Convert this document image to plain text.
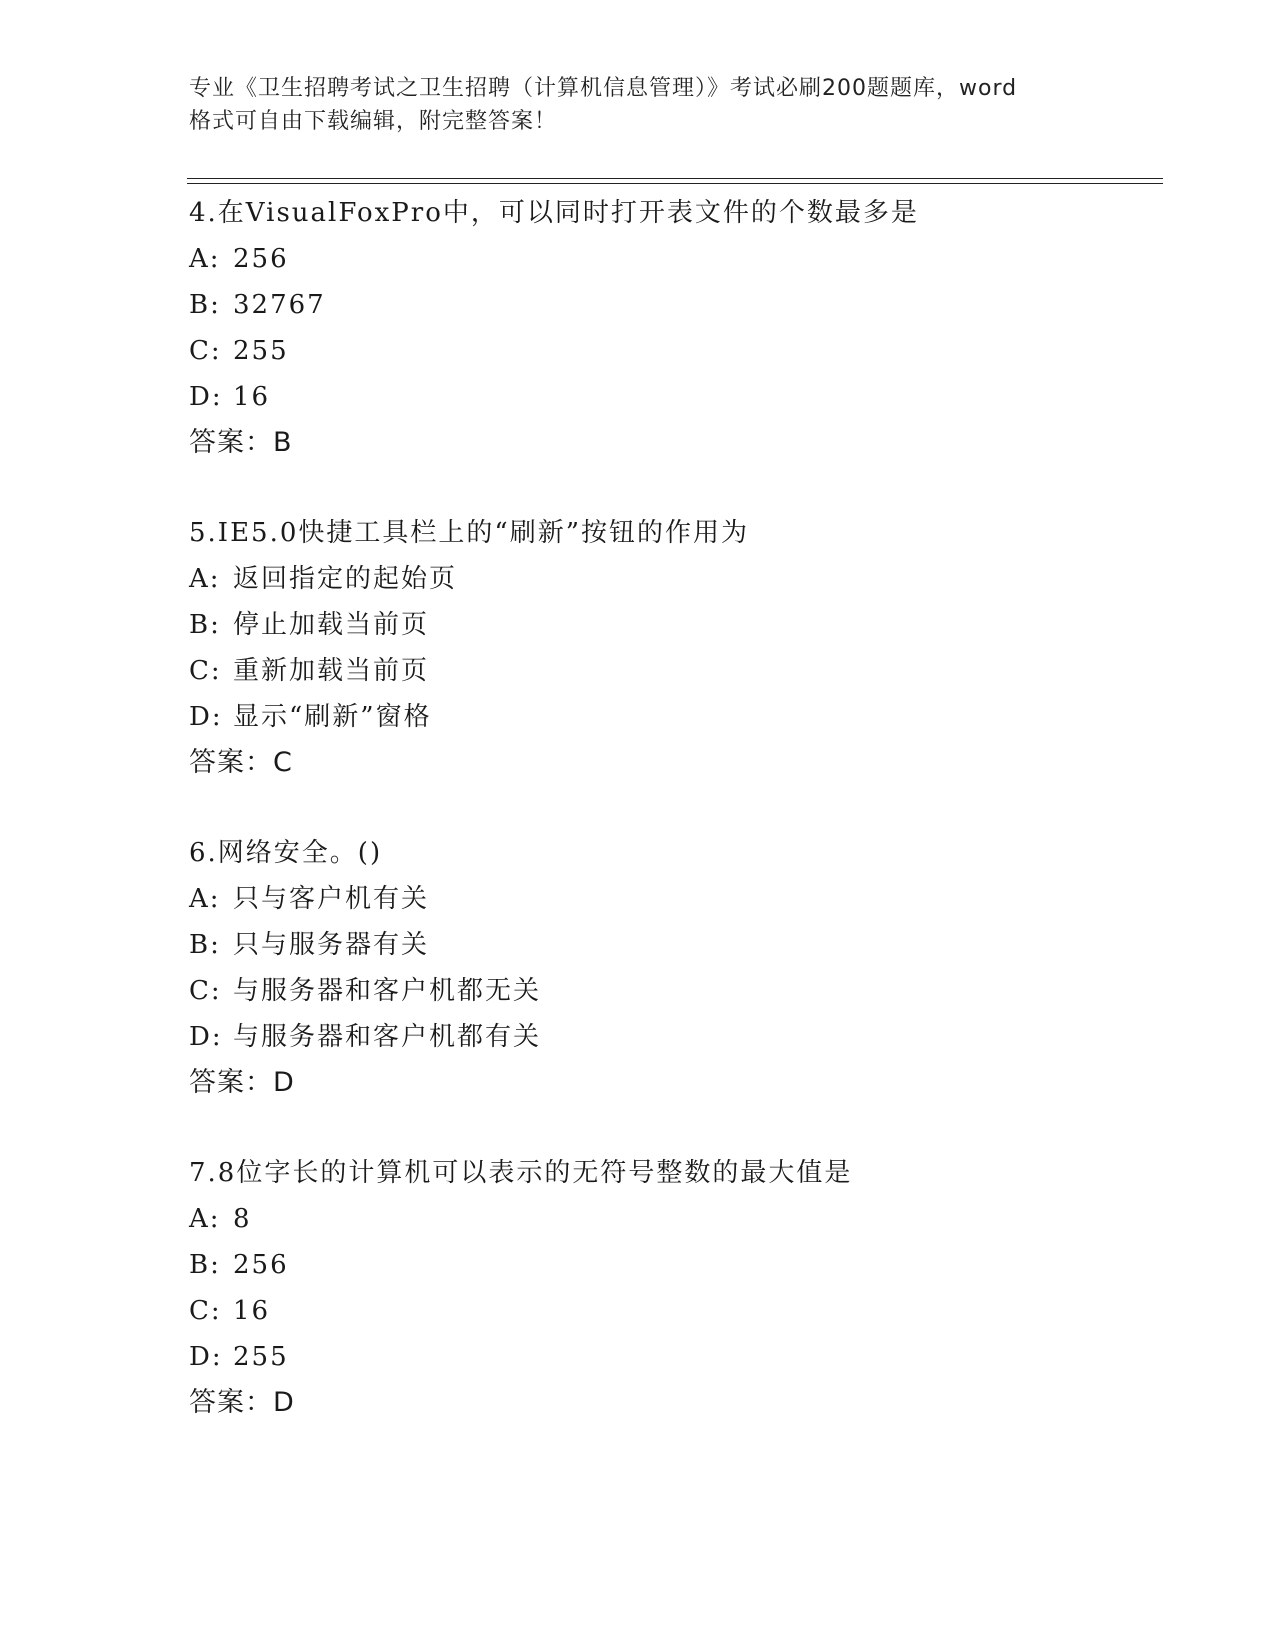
专业《卫生招聘考试之卫生招聘（计算机信息管理）》考试必刷200题题库，word
格式可自由下载编辑，附完整答案！
4.在VisualFoxPro中，可以同时打开表文件的个数最多是
A: 256
B: 32767
C: 255
D: 16
答案：B
5.IE5.0快捷工具栏上的“刷新”按钮的作用为
A: 返回指定的起始页
B: 停止加载当前页
C: 重新加载当前页
D: 显示“刷新”窗格
答案：C
6.网络安全。()
A: 只与客户机有关
B: 只与服务器有关
C: 与服务器和客户机都无关
D: 与服务器和客户机都有关
答案：D
7.8位字长的计算机可以表示的无符号整数的最大值是
A: 8
B: 256
C: 16
D: 255
答案：D
